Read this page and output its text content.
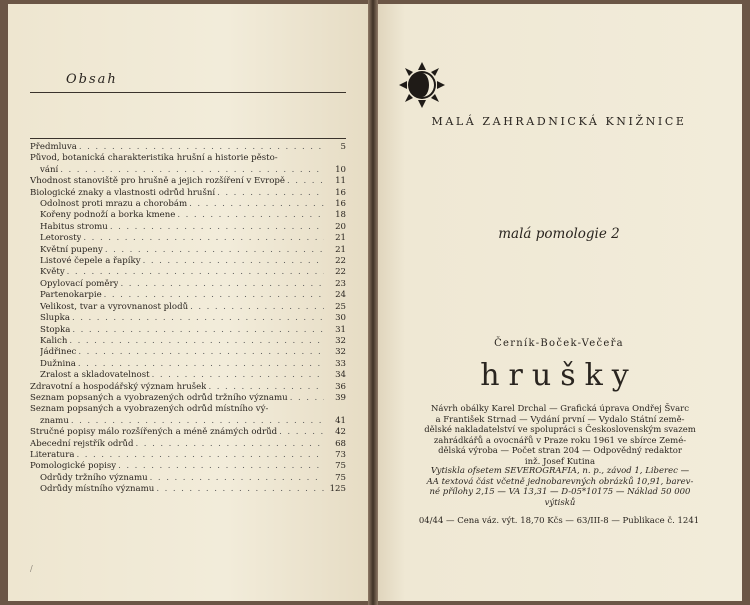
Obsah
Předmluva . . .	5
Původ, botanická charakteristika hrušní a historie pěsto-
vání . . .	10
Vhodnost stanoviště pro hrušně a jejich rozšíření v Evropě . . .	11
Biologické znaky a vlastnosti odrůd hrušní . . .	16
Odolnost proti mrazu a chorobám . . .	16
Kořeny podnoží a borka kmene . . .	18
Habitus stromu . . .	20
Letorosty . . .	21
Květní pupeny . . .	21
Listové čepele a řapíky . . .	22
Květy . . .	22
Opylovací poměry . . .	23
Partenokarpie . . .	24
Velikost, tvar a vyrovnanost plodů . . .	25
Slupka . . .	30
Stopka . . .	31
Kalich . . .	32
Jádřinec . . .	32
Dužnina . . .	33
Zralost a skladovatelnost . . .	34
Zdravotní a hospodářský význam hrušek . . .	36
Seznam popsaných a vyobrazených odrůd tržního významu . . .	39
Seznam popsaných a vyobrazených odrůd místního vý-
znamu . . .	41
Stručné popisy málo rozšířených a méně známých odrůd . . .	42
Abecední rejstřík odrůd . . .	68
Literatura . . .	73
Pomologické popisy . . .	75
Odrůdy tržního významu . . .	75
Odrůdy místního významu . . .	125
/
MALÁ ZAHRADNICKÁ KNIŽNICE
malá pomologie 2
Černík-Boček-Večeřa
hrušky
Návrh obálky Karel Drchal — Grafická úprava Ondřej Švarc
a František Strnad — Vydání první — Vydalo Státní země-
dělské nakladatelství ve spolupráci s Československým svazem
zahrádkářů a ovocnářů v Praze roku 1961 ve sbírce Zemé-
dělská výroba — Počet stran 204 — Odpovědný redaktor
inž. Josef Kutina
Vytiskla ofsetem SEVEROGRAFIA, n. p., závod 1, Liberec —
AA textová část včetně jednobarevných obrázků 10,91, barev-
né přílohy 2,15 — VA 13,31 — D-05*10175 — Náklad 50 000
výtisků
04/44 — Cena váz. výt. 18,70 Kčs — 63/III-8 — Publikace č. 1241
